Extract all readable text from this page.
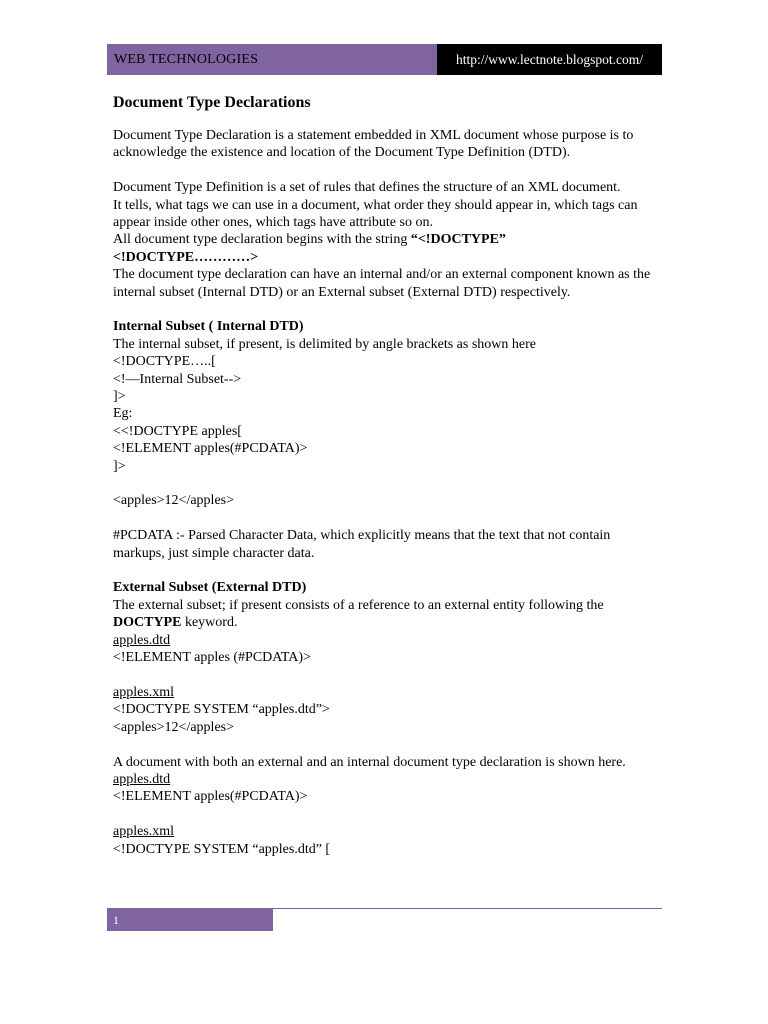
WEB TECHNOLOGIES	http://www.lectnote.blogspot.com/

Document Type Declarations

Document Type Declaration is a statement embedded in XML document whose purpose is to acknowledge the existence and location of the Document Type Definition (DTD).

Document Type Definition is a set of rules that defines the structure of an XML document.

It tells, what tags we can use in a document, what order they should appear in, which tags can appear inside other ones, which tags have attribute so on.

All document type declaration begins with the string “<!DOCTYPE”

<!DOCTYPE…………>

The document type declaration can have an internal and/or an external component known as the internal subset (Internal DTD) or an External subset (External DTD) respectively.

Internal Subset ( Internal DTD)

The internal subset, if present, is delimited by angle brackets as shown here

<!DOCTYPE…..[

<!—Internal Subset-->

]>

Eg:

<<!DOCTYPE apples[

<!ELEMENT apples(#PCDATA)>

]>

<apples>12</apples>

#PCDATA :- Parsed Character Data, which explicitly means that the text that not contain markups, just simple character data.

External Subset (External DTD)

The external subset; if present consists of a reference to an external entity following the DOCTYPE keyword.

apples.dtd

<!ELEMENT apples (#PCDATA)>

apples.xml

<!DOCTYPE SYSTEM “apples.dtd”>

<apples>12</apples>

A document with both an external and an internal document type declaration is shown here.

apples.dtd

<!ELEMENT apples(#PCDATA)>

apples.xml

<!DOCTYPE SYSTEM “apples.dtd” [

1
